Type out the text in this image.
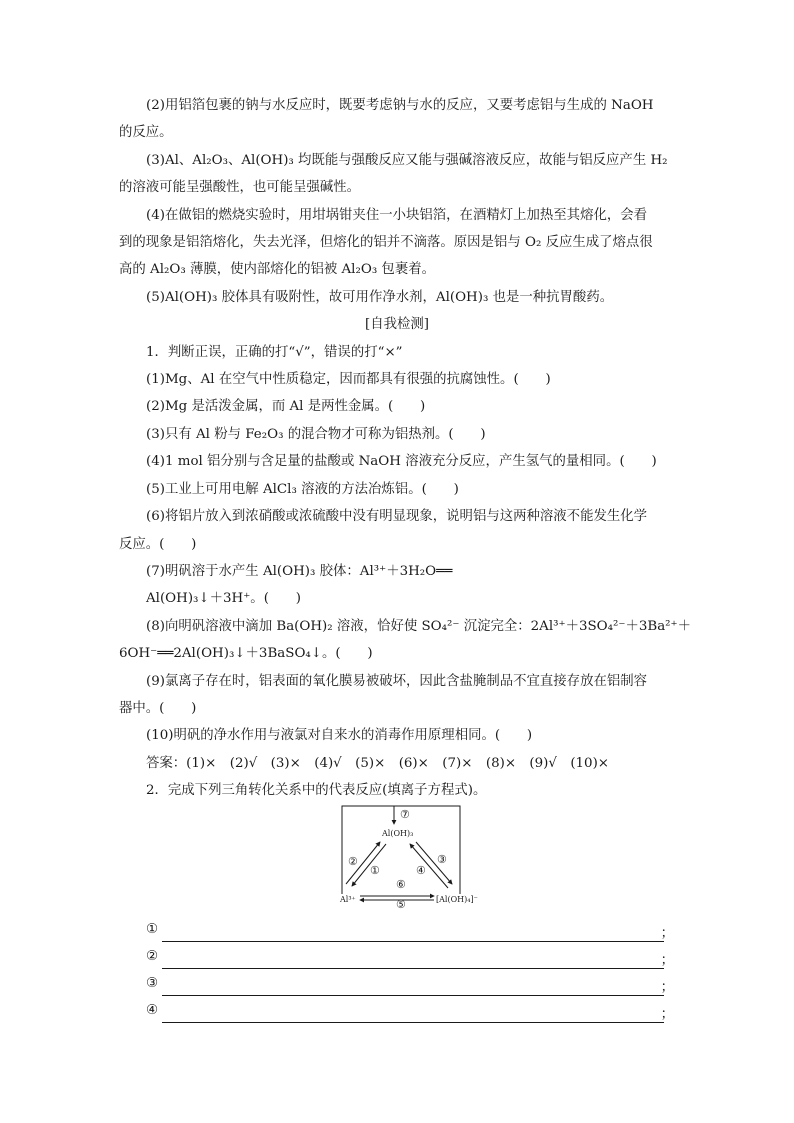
(2)用铝箔包裹的钠与水反应时，既要考虑钠与水的反应，又要考虑铝与生成的 NaOH

的反应。

(3)Al、Al₂O₃、Al(OH)₃ 均既能与强酸反应又能与强碱溶液反应，故能与铝反应产生 H₂

的溶液可能呈强酸性，也可能呈强碱性。

(4)在做铝的燃烧实验时，用坩埚钳夹住一小块铝箔，在酒精灯上加热至其熔化，会看

到的现象是铝箔熔化，失去光泽，但熔化的铝并不滴落。原因是铝与 O₂ 反应生成了熔点很

高的 Al₂O₃ 薄膜，使内部熔化的铝被 Al₂O₃ 包裹着。

(5)Al(OH)₃ 胶体具有吸附性，故可用作净水剂，Al(OH)₃ 也是一种抗胃酸药。

[自我检测]

1．判断正误，正确的打“√”，错误的打“×”

(1)Mg、Al 在空气中性质稳定，因而都具有很强的抗腐蚀性。(　　)

(2)Mg 是活泼金属，而 Al 是两性金属。(　　)

(3)只有 Al 粉与 Fe₂O₃ 的混合物才可称为铝热剂。(　　)

(4)1 mol 铝分别与含足量的盐酸或 NaOH 溶液充分反应，产生氢气的量相同。(　　)

(5)工业上可用电解 AlCl₃ 溶液的方法冶炼铝。(　　)

(6)将铝片放入到浓硝酸或浓硫酸中没有明显现象，说明铝与这两种溶液不能发生化学

反应。(　　)

(7)明矾溶于水产生 Al(OH)₃ 胶体：Al³⁺＋3H₂O══

Al(OH)₃↓＋3H⁺。(　　)

(8)向明矾溶液中滴加 Ba(OH)₂ 溶液，恰好使 SO₄²⁻ 沉淀完全：2Al³⁺＋3SO₄²⁻＋3Ba²⁺＋

6OH⁻══2Al(OH)₃↓＋3BaSO₄↓。(　　)

(9)氯离子存在时，铝表面的氧化膜易被破坏，因此含盐腌制品不宜直接存放在铝制容

器中。(　　)

(10)明矾的净水作用与液氯对自来水的消毒作用原理相同。(　　)

答案：(1)×　(2)√　(3)×　(4)√　(5)×　(6)×　(7)×　(8)×　(9)√　(10)×

2．完成下列三角转化关系中的代表反应(填离子方程式)。

⑦
Al(OH)₃
②
①
③
④
⑥
Al³⁺	[Al(OH)₄]⁻
⑤
①	；
②	；
③	；
④	；
